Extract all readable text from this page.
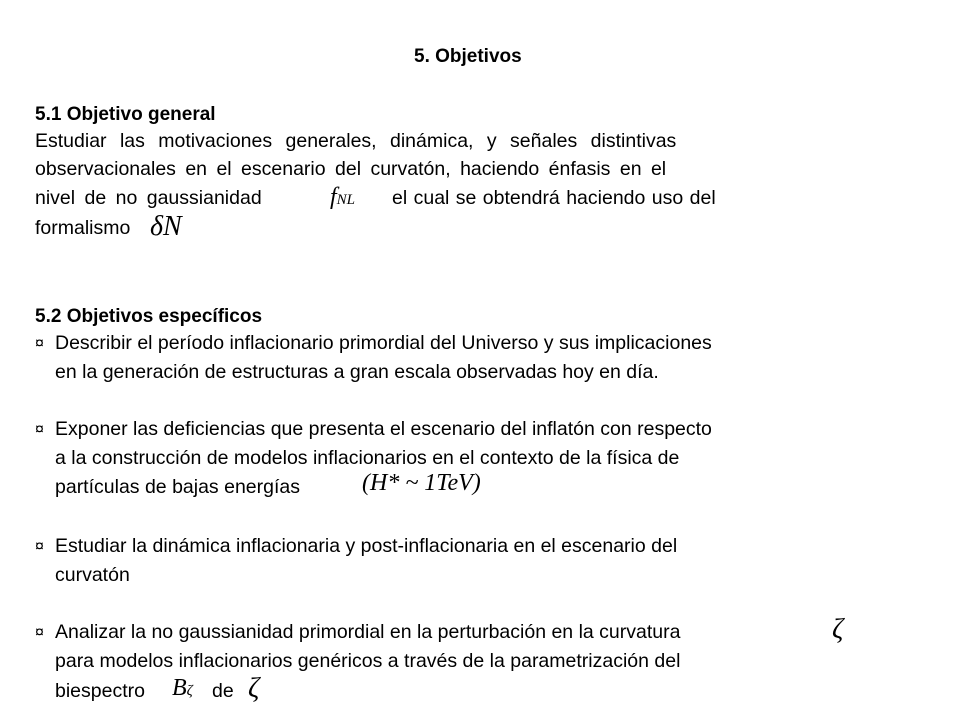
5. Objetivos
5.1 Objetivo general
Estudiar las motivaciones generales, dinámica, y señales distintivas
observacionales en el escenario del curvatón, haciendo énfasis en el
nivel de no gaussianidad	fNL el cual se obtendrá haciendo uso del
formalismo δN
5.2 Objetivos específicos
¤ Describir el período inflacionario primordial del Universo y sus implicaciones
en la generación de estructuras a gran escala observadas hoy en día.
¤ Exponer las deficiencias que presenta el escenario del inflatón con respecto
a la construcción de modelos inflacionarios en el contexto de la física de
partículas de bajas energías	(H* ~ 1TeV)
¤ Estudiar la dinámica inflacionaria y post-inflacionaria en el escenario del
curvatón
¤ Analizar la no gaussianidad primordial en la perturbación en la curvatura	ζ
para modelos inflacionarios genéricos a través de la parametrización del
biespectro Bζ de ζ
